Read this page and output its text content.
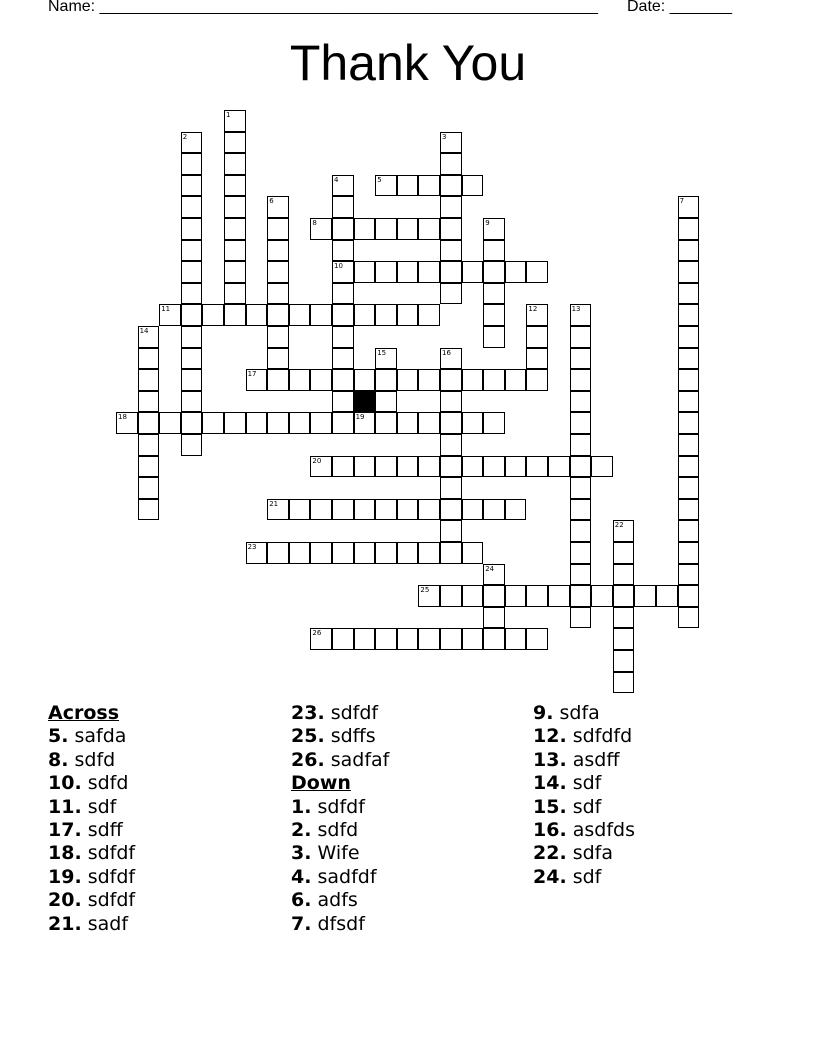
Name: ________________________________________________________ Date: _______
Thank You
1
2	3
4
10
5
6	7
8	9
11	12	13
14
15	16
17
18	19
20
21
22
23
24
25
26
Across
5. safda
8. sdfd
10. sdfd
11. sdf
17. sdff
18. sdfdf
19. sdfdf
20. sdfdf
21. sadf
23. sdfdf
25. sdffs
26. sadfaf
Down
1. sdfdf
2. sdfd
3. Wife
4. sadfdf
6. adfs
7. dfsdf
9. sdfa
12. sdfdfd
13. asdff
14. sdf
15. sdf
16. asdfds
22. sdfa
24. sdf
